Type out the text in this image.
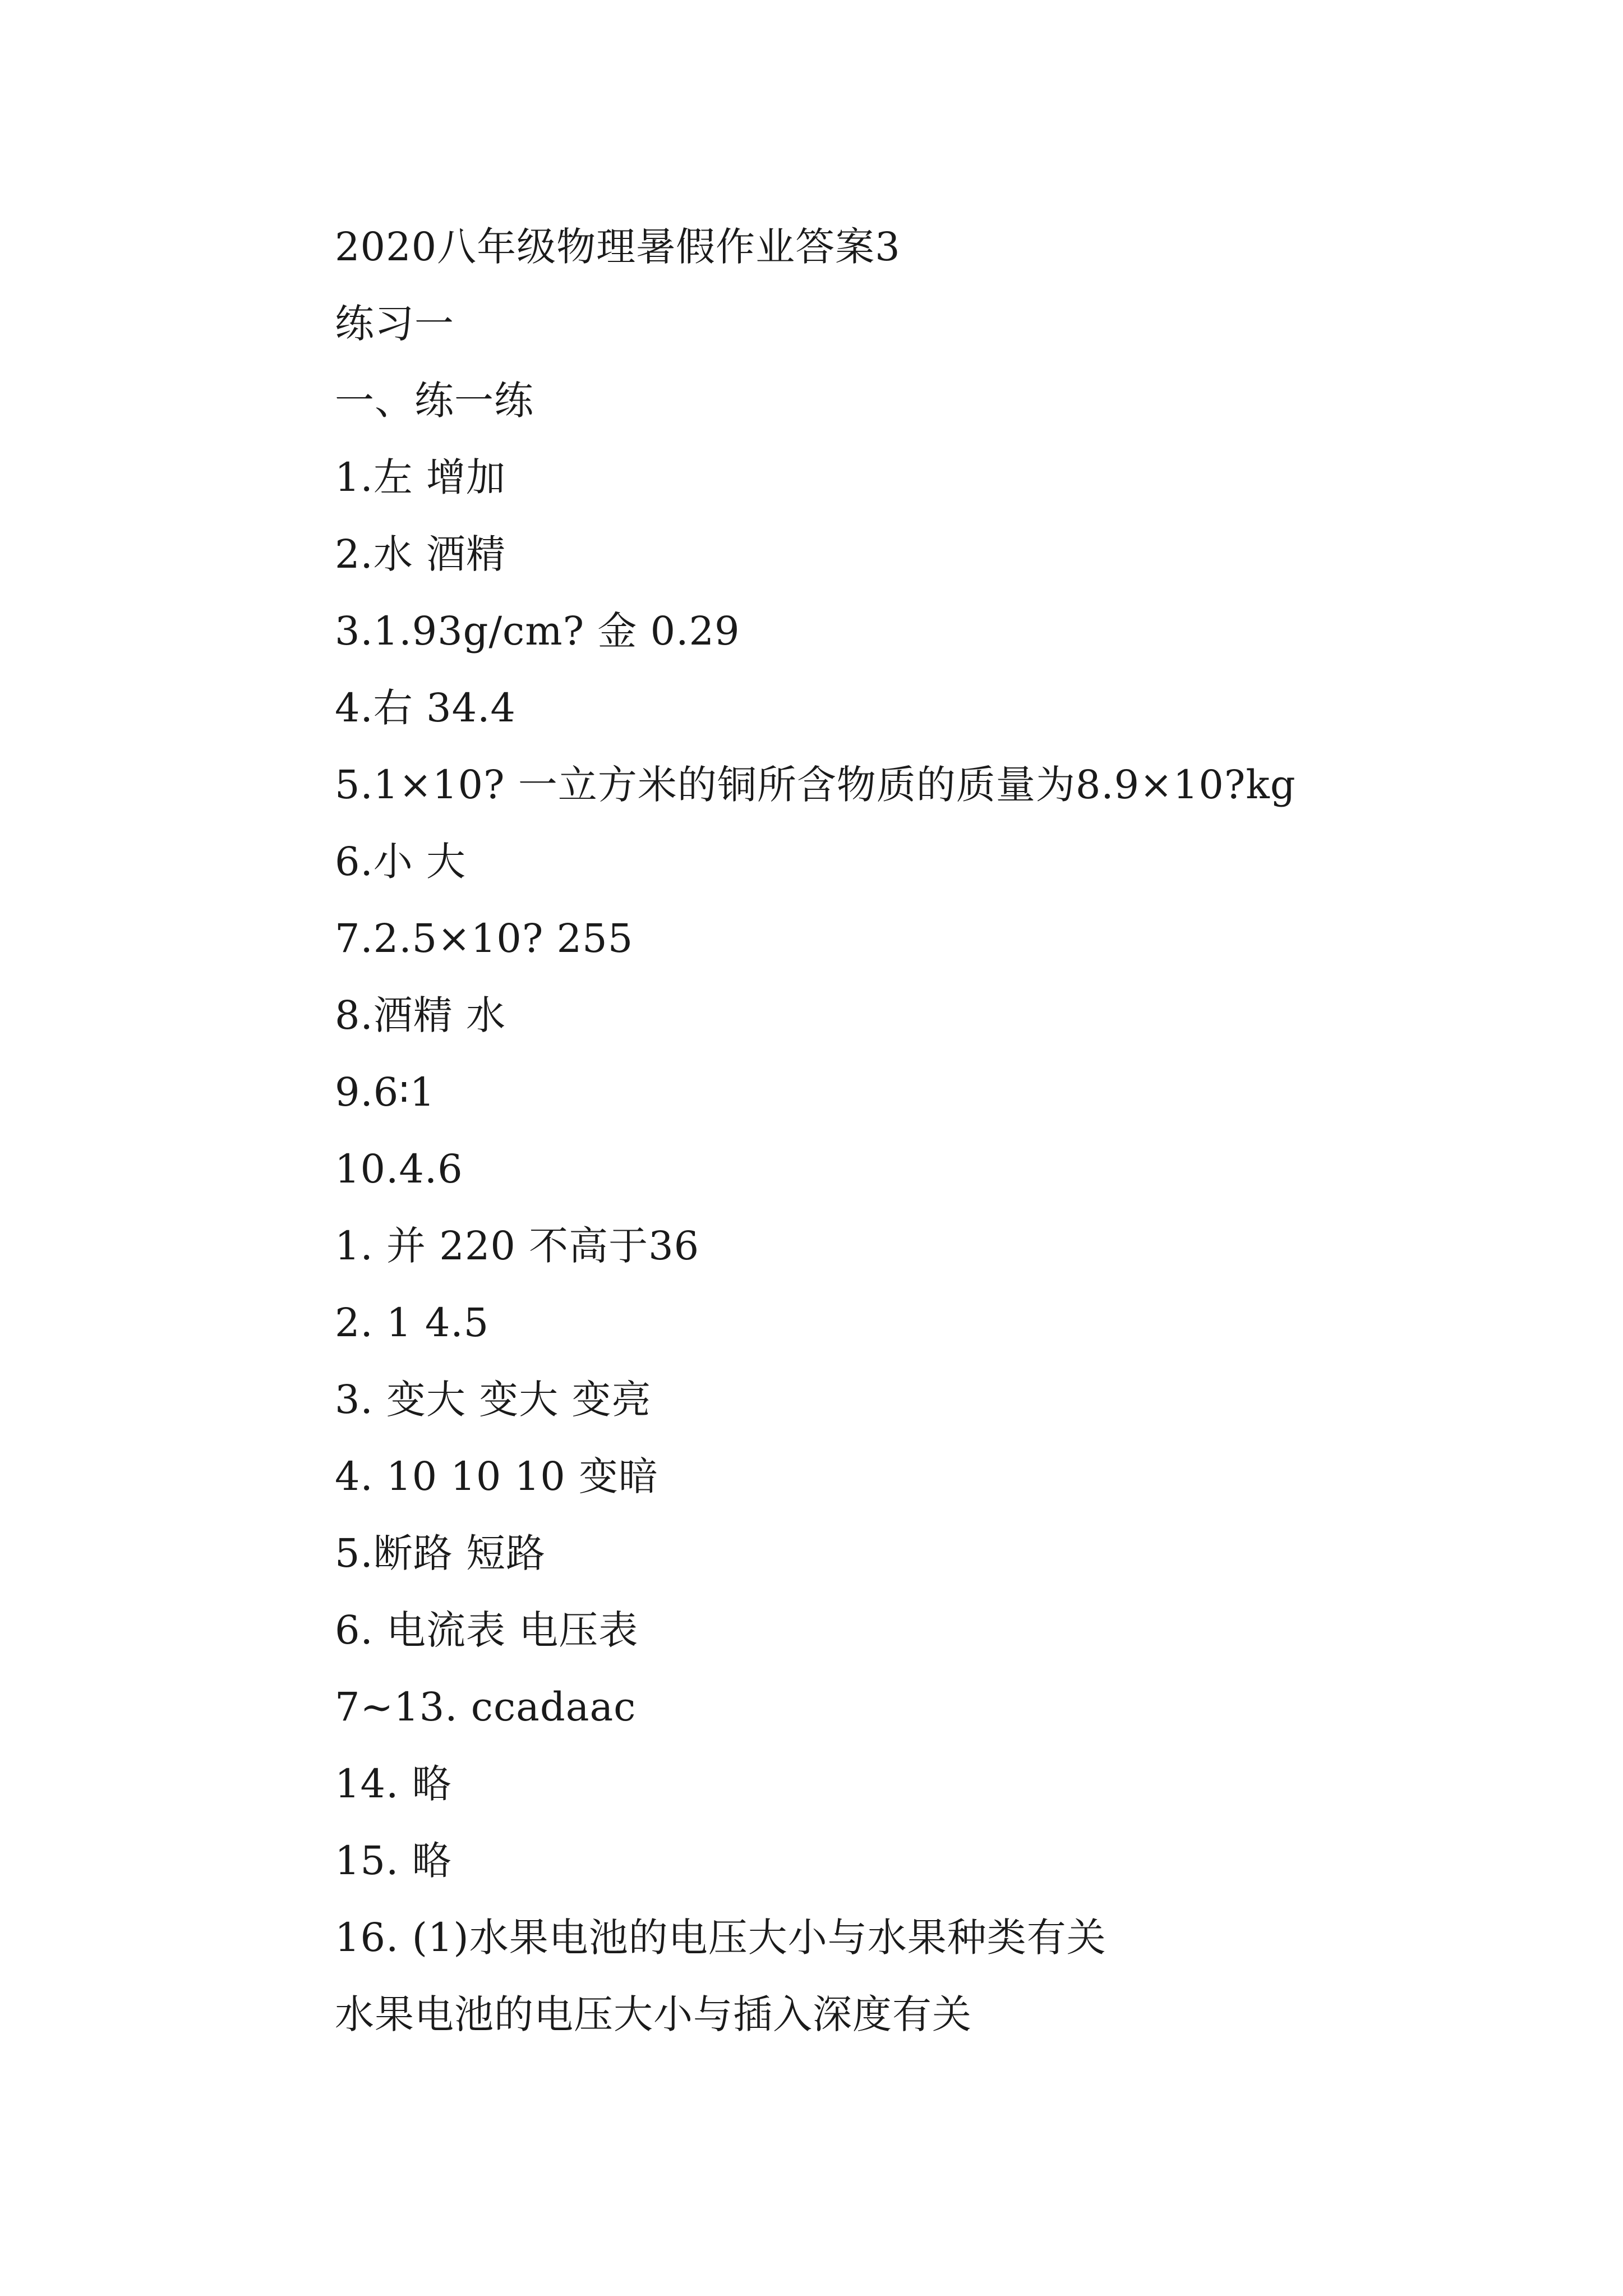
2020八年级物理暑假作业答案3
练习一
一、练一练
1.左 增加
2.水 酒精
3.1.93g/cm? 金 0.29
4.右 34.4
5.1×10? 一立方米的铜所含物质的质量为8.9×10?kg
6.小 大
7.2.5×10? 255
8.酒精 水
9.6∶1
10.4.6
1. 并 220 不高于36
2. 1 4.5
3. 变大 变大 变亮
4. 10 10 10 变暗
5.断路 短路
6. 电流表 电压表
7~13. ccadaac
14. 略
15. 略
16. (1)水果电池的电压大小与水果种类有关
水果电池的电压大小与插入深度有关
